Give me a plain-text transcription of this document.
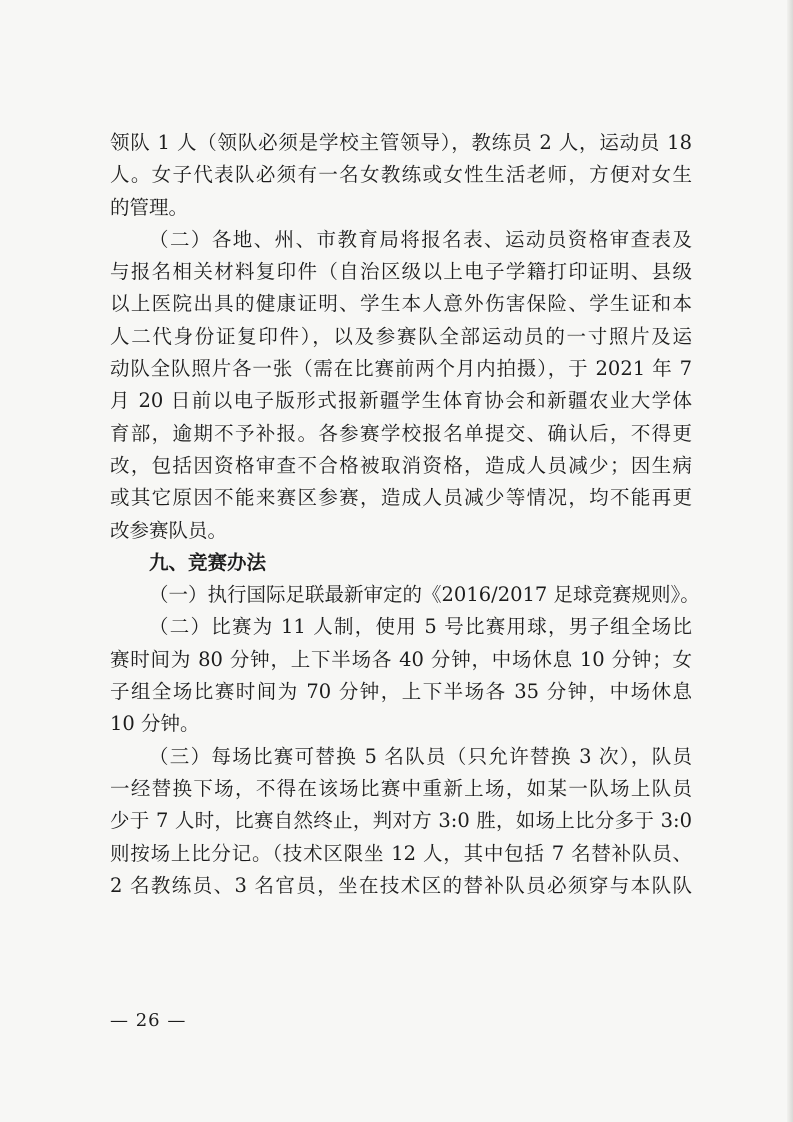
领队 1 人（领队必须是学校主管领导），教练员 2 人，运动员 18
人。女子代表队必须有一名女教练或女性生活老师，方便对女生
的管理。
（二）各地、州、市教育局将报名表、运动员资格审查表及
与报名相关材料复印件（自治区级以上电子学籍打印证明、县级
以上医院出具的健康证明、学生本人意外伤害保险、学生证和本
人二代身份证复印件），以及参赛队全部运动员的一寸照片及运
动队全队照片各一张（需在比赛前两个月内拍摄），于 2021 年 7
月 20 日前以电子版形式报新疆学生体育协会和新疆农业大学体
育部，逾期不予补报。各参赛学校报名单提交、确认后，不得更
改，包括因资格审查不合格被取消资格，造成人员减少；因生病
或其它原因不能来赛区参赛，造成人员减少等情况，均不能再更
改参赛队员。
九、竞赛办法
（一）执行国际足联最新审定的《2016/2017 足球竞赛规则》。
（二）比赛为 11 人制，使用 5 号比赛用球，男子组全场比
赛时间为 80 分钟，上下半场各 40 分钟，中场休息 10 分钟；女
子组全场比赛时间为 70 分钟，上下半场各 35 分钟，中场休息
10 分钟。
（三）每场比赛可替换 5 名队员（只允许替换 3 次），队员
一经替换下场，不得在该场比赛中重新上场，如某一队场上队员
少于 7 人时，比赛自然终止，判对方 3:0 胜，如场上比分多于 3:0
则按场上比分记。（技术区限坐 12 人，其中包括 7 名替补队员、
2 名教练员、3 名官员，坐在技术区的替补队员必须穿与本队队
— 26 —
